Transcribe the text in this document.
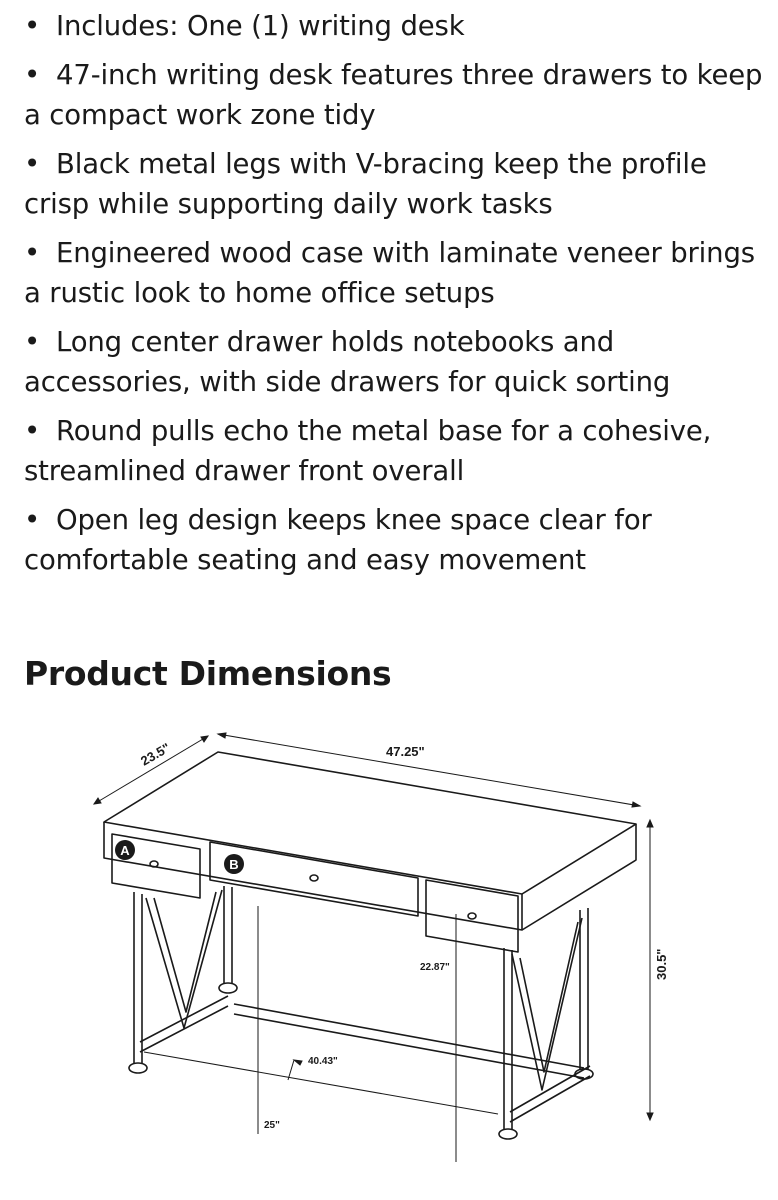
• Includes: One (1) writing desk
• 47-inch writing desk features three drawers to keep a compact work zone tidy
• Black metal legs with V-bracing keep the profile crisp while supporting daily work tasks
• Engineered wood case with laminate veneer brings a rustic look to home office setups
• Long center drawer holds notebooks and accessories, with side drawers for quick sorting
• Round pulls echo the metal base for a cohesive, streamlined drawer front overall
• Open leg design keeps knee space clear for comfortable seating and easy movement
Product Dimensions
A
B
23.5"	47.25"
30.5"
22.87"
40.43"
25"
